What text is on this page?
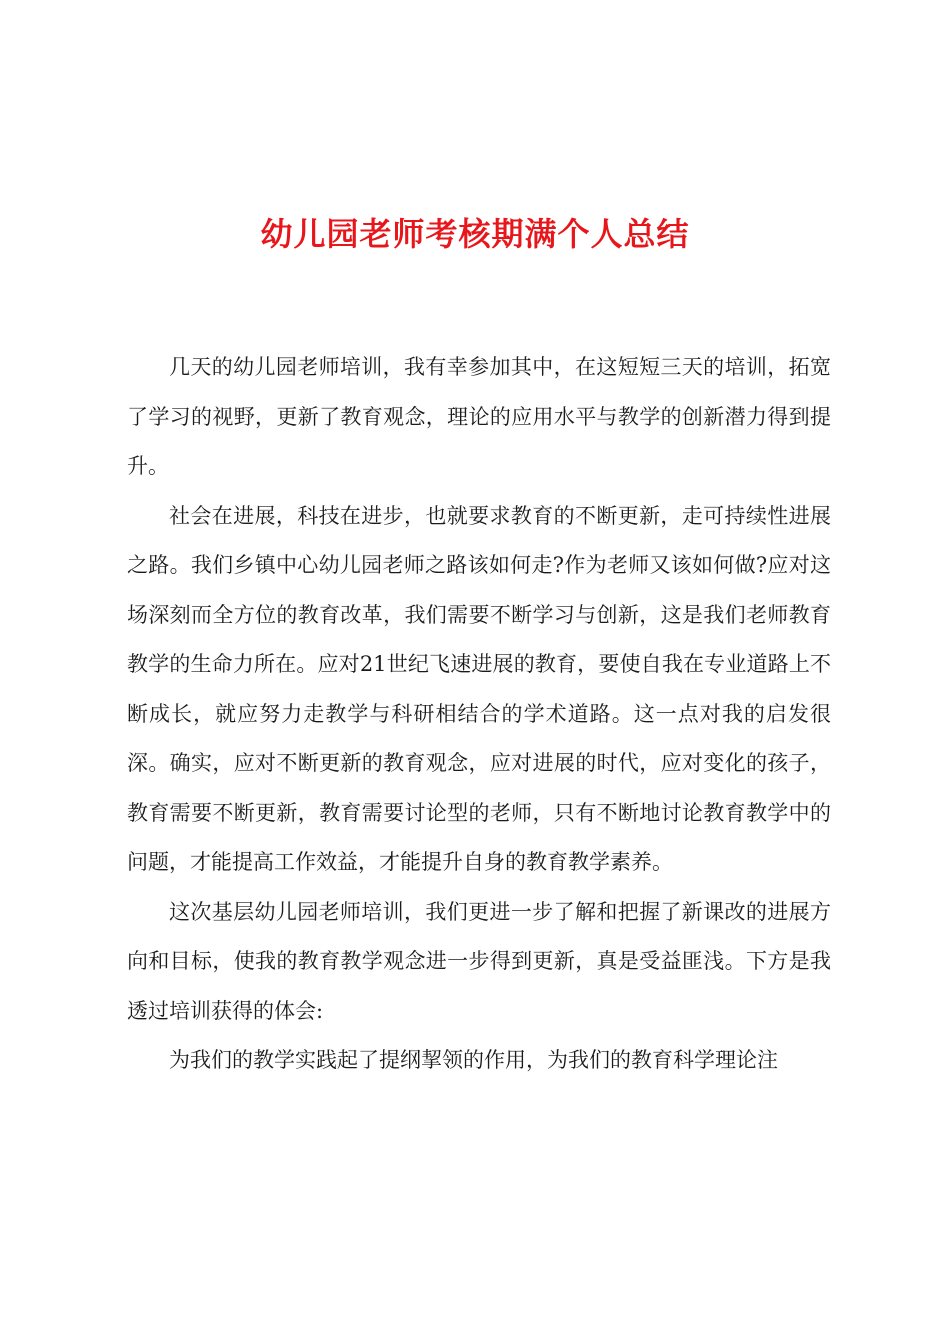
幼儿园老师考核期满个人总结

几天的幼儿园老师培训，我有幸参加其中，在这短短三天的培训，拓宽了学习的视野，更新了教育观念，理论的应用水平与教学的创新潜力得到提升。

社会在进展，科技在进步，也就要求教育的不断更新，走可持续性进展之路。我们乡镇中心幼儿园老师之路该如何走?作为老师又该如何做?应对这场深刻而全方位的教育改革，我们需要不断学习与创新，这是我们老师教育教学的生命力所在。应对21世纪飞速进展的教育，要使自我在专业道路上不断成长，就应努力走教学与科研相结合的学术道路。这一点对我的启发很深。确实，应对不断更新的教育观念，应对进展的时代，应对变化的孩子，教育需要不断更新，教育需要讨论型的老师，只有不断地讨论教育教学中的问题，才能提高工作效益，才能提升自身的教育教学素养。

这次基层幼儿园老师培训，我们更进一步了解和把握了新课改的进展方向和目标，使我的教育教学观念进一步得到更新，真是受益匪浅。下方是我透过培训获得的体会:

为我们的教学实践起了提纲挈领的作用，为我们的教育科学理论注
